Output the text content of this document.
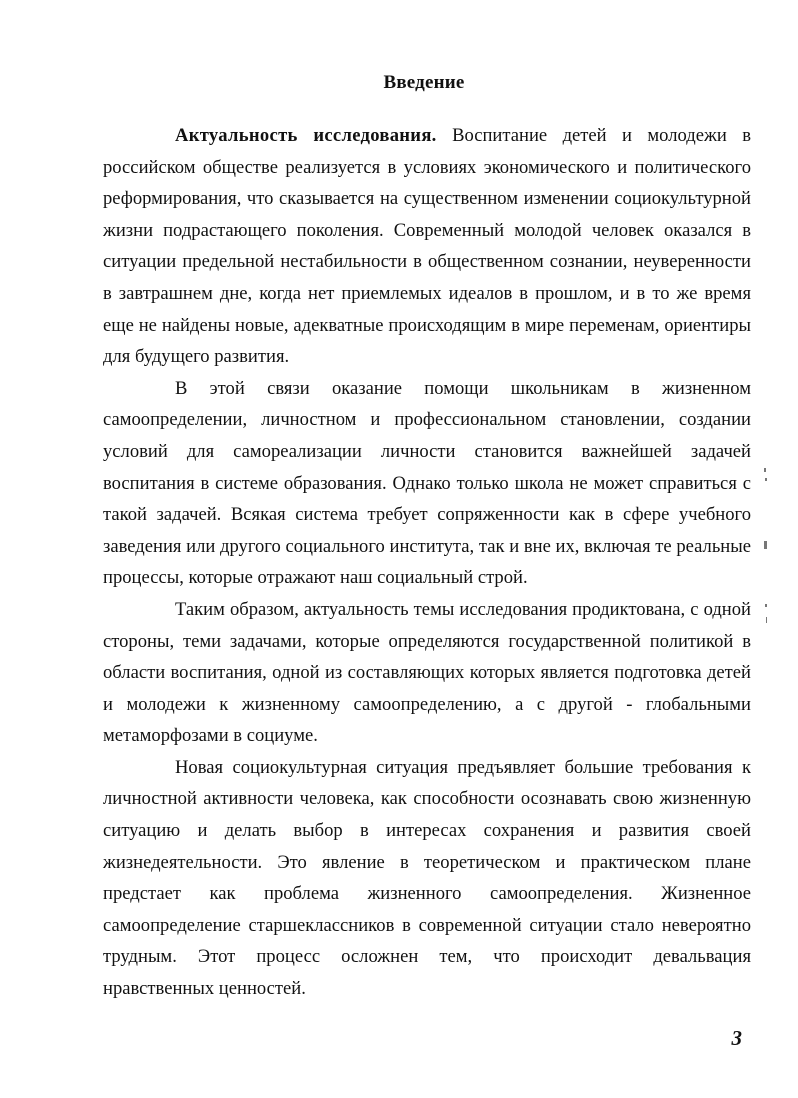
Введение

Актуальность исследования. Воспитание детей и молодежи в российском обществе реализуется в условиях экономического и политического реформирования, что сказывается на существенном изменении социокультурной жизни подрастающего поколения. Современный молодой человек оказался в ситуации предельной нестабильности в общественном сознании, неуверенности в завтрашнем дне, когда нет приемлемых идеалов в прошлом, и в то же время еще не найдены новые, адекватные происходящим в мире переменам, ориентиры для будущего развития.

В этой связи оказание помощи школьникам в жизненном самоопределении, личностном и профессиональном становлении, создании условий для самореализации личности становится важнейшей задачей воспитания в системе образования. Однако только школа не может справиться с такой задачей. Всякая система требует сопряженности как в сфере учебного заведения или другого социального института, так и вне их, включая те реальные процессы, которые отражают наш социальный строй.

Таким образом, актуальность темы исследования продиктована, с одной стороны, теми задачами, которые определяются государственной политикой в области воспитания, одной из составляющих которых является подготовка детей и молодежи к жизненному самоопределению, а с другой - глобальными метаморфозами в социуме.

Новая социокультурная ситуация предъявляет большие требования к личностной активности человека, как способности осознавать свою жизненную ситуацию и делать выбор в интересах сохранения и развития своей жизнедеятельности. Это явление в теоретическом и практическом плане предстает как проблема жизненного самоопределения. Жизненное самоопределение старшеклассников в современной ситуации стало невероятно трудным. Этот процесс осложнен тем, что происходит девальвация нравственных ценностей.

3
